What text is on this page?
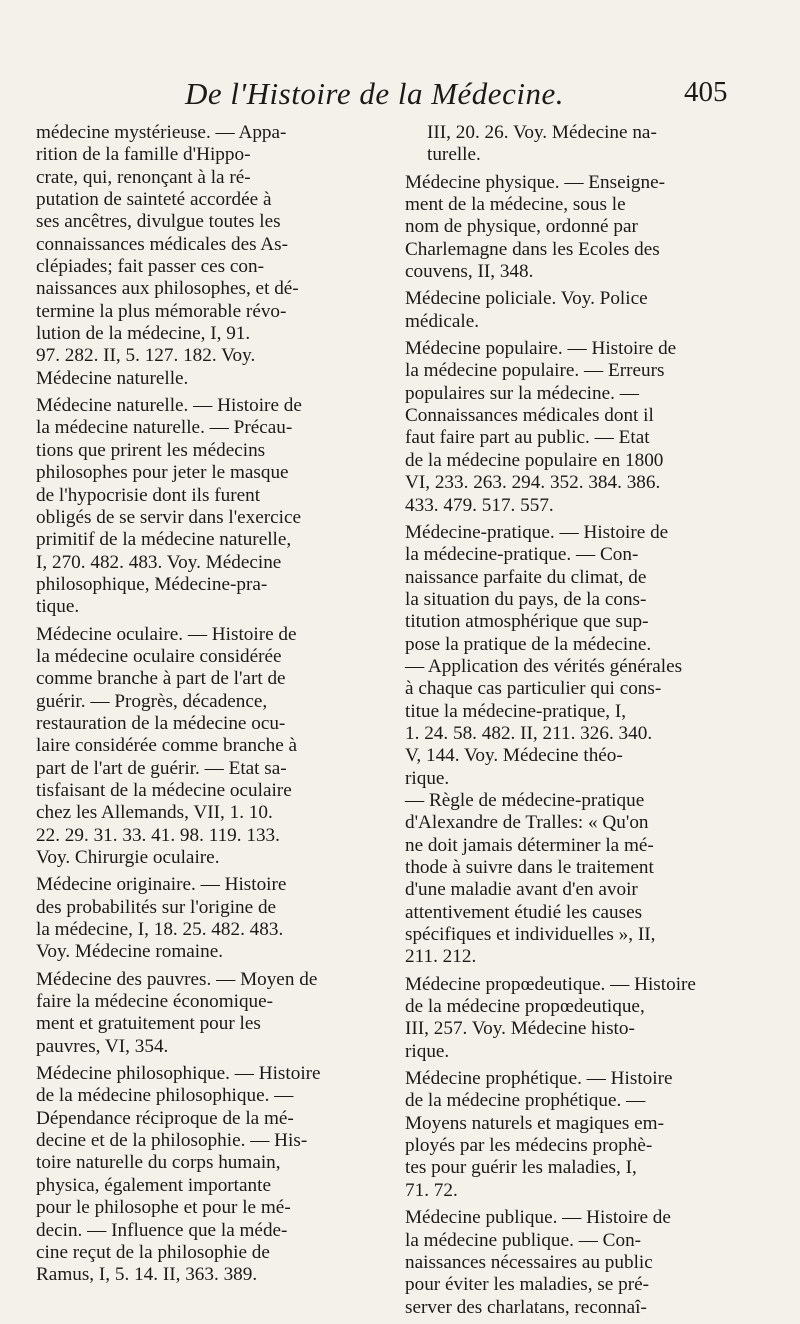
De l'Histoire de la Médecine.	405
médecine mystérieuse. — Appa-
rition de la famille d'Hippo-
crate, qui, renonçant à la ré-
putation de sainteté accordée à
ses ancêtres, divulgue toutes les
connaissances médicales des As-
clépiades; fait passer ces con-
naissances aux philosophes, et dé-
termine la plus mémorable révo-
lution de la médecine, I, 91.
97. 282. II, 5. 127. 182. Voy.
Médecine naturelle.
Médecine naturelle. — Histoire de
la médecine naturelle. — Précau-
tions que prirent les médecins
philosophes pour jeter le masque
de l'hypocrisie dont ils furent
obligés de se servir dans l'exercice
primitif de la médecine naturelle,
I, 270. 482. 483. Voy. Médecine
philosophique, Médecine-pra-
tique.
Médecine oculaire. — Histoire de
la médecine oculaire considérée
comme branche à part de l'art de
guérir. — Progrès, décadence,
restauration de la médecine ocu-
laire considérée comme branche à
part de l'art de guérir. — Etat sa-
tisfaisant de la médecine oculaire
chez les Allemands, VII, 1. 10.
22. 29. 31. 33. 41. 98. 119. 133.
Voy. Chirurgie oculaire.
Médecine originaire. — Histoire
des probabilités sur l'origine de
la médecine, I, 18. 25. 482. 483.
Voy. Médecine romaine.
Médecine des pauvres. — Moyen de
faire la médecine économique-
ment et gratuitement pour les
pauvres, VI, 354.
Médecine philosophique. — Histoire
de la médecine philosophique. —
Dépendance réciproque de la mé-
decine et de la philosophie. — His-
toire naturelle du corps humain,
physica, également importante
pour le philosophe et pour le mé-
decin. — Influence que la méde-
cine reçut de la philosophie de
Ramus, I, 5. 14. II, 363. 389.
III, 20. 26. Voy. Médecine na-
turelle.
Médecine physique. — Enseigne-
ment de la médecine, sous le
nom de physique, ordonné par
Charlemagne dans les Ecoles des
couvens, II, 348.
Médecine policiale. Voy. Police
médicale.
Médecine populaire. — Histoire de
la médecine populaire. — Erreurs
populaires sur la médecine. —
Connaissances médicales dont il
faut faire part au public. — Etat
de la médecine populaire en 1800
VI, 233. 263. 294. 352. 384. 386.
433. 479. 517. 557.
Médecine-pratique. — Histoire de
la médecine-pratique. — Con-
naissance parfaite du climat, de
la situation du pays, de la cons-
titution atmosphérique que sup-
pose la pratique de la médecine.
— Application des vérités générales
à chaque cas particulier qui cons-
titue la médecine-pratique, I,
1. 24. 58. 482. II, 211. 326. 340.
V, 144. Voy. Médecine théo-
rique.
— Règle de médecine-pratique
d'Alexandre de Tralles: « Qu'on
ne doit jamais déterminer la mé-
thode à suivre dans le traitement
d'une maladie avant d'en avoir
attentivement étudié les causes
spécifiques et individuelles », II,
211. 212.
Médecine propœdeutique. — Histoire
de la médecine propœdeutique,
III, 257. Voy. Médecine histo-
rique.
Médecine prophétique. — Histoire
de la médecine prophétique. —
Moyens naturels et magiques em-
ployés par les médecins prophè-
tes pour guérir les maladies, I,
71. 72.
Médecine publique. — Histoire de
la médecine publique. — Con-
naissances nécessaires au public
pour éviter les maladies, se pré-
server des charlatans, reconnaî-
